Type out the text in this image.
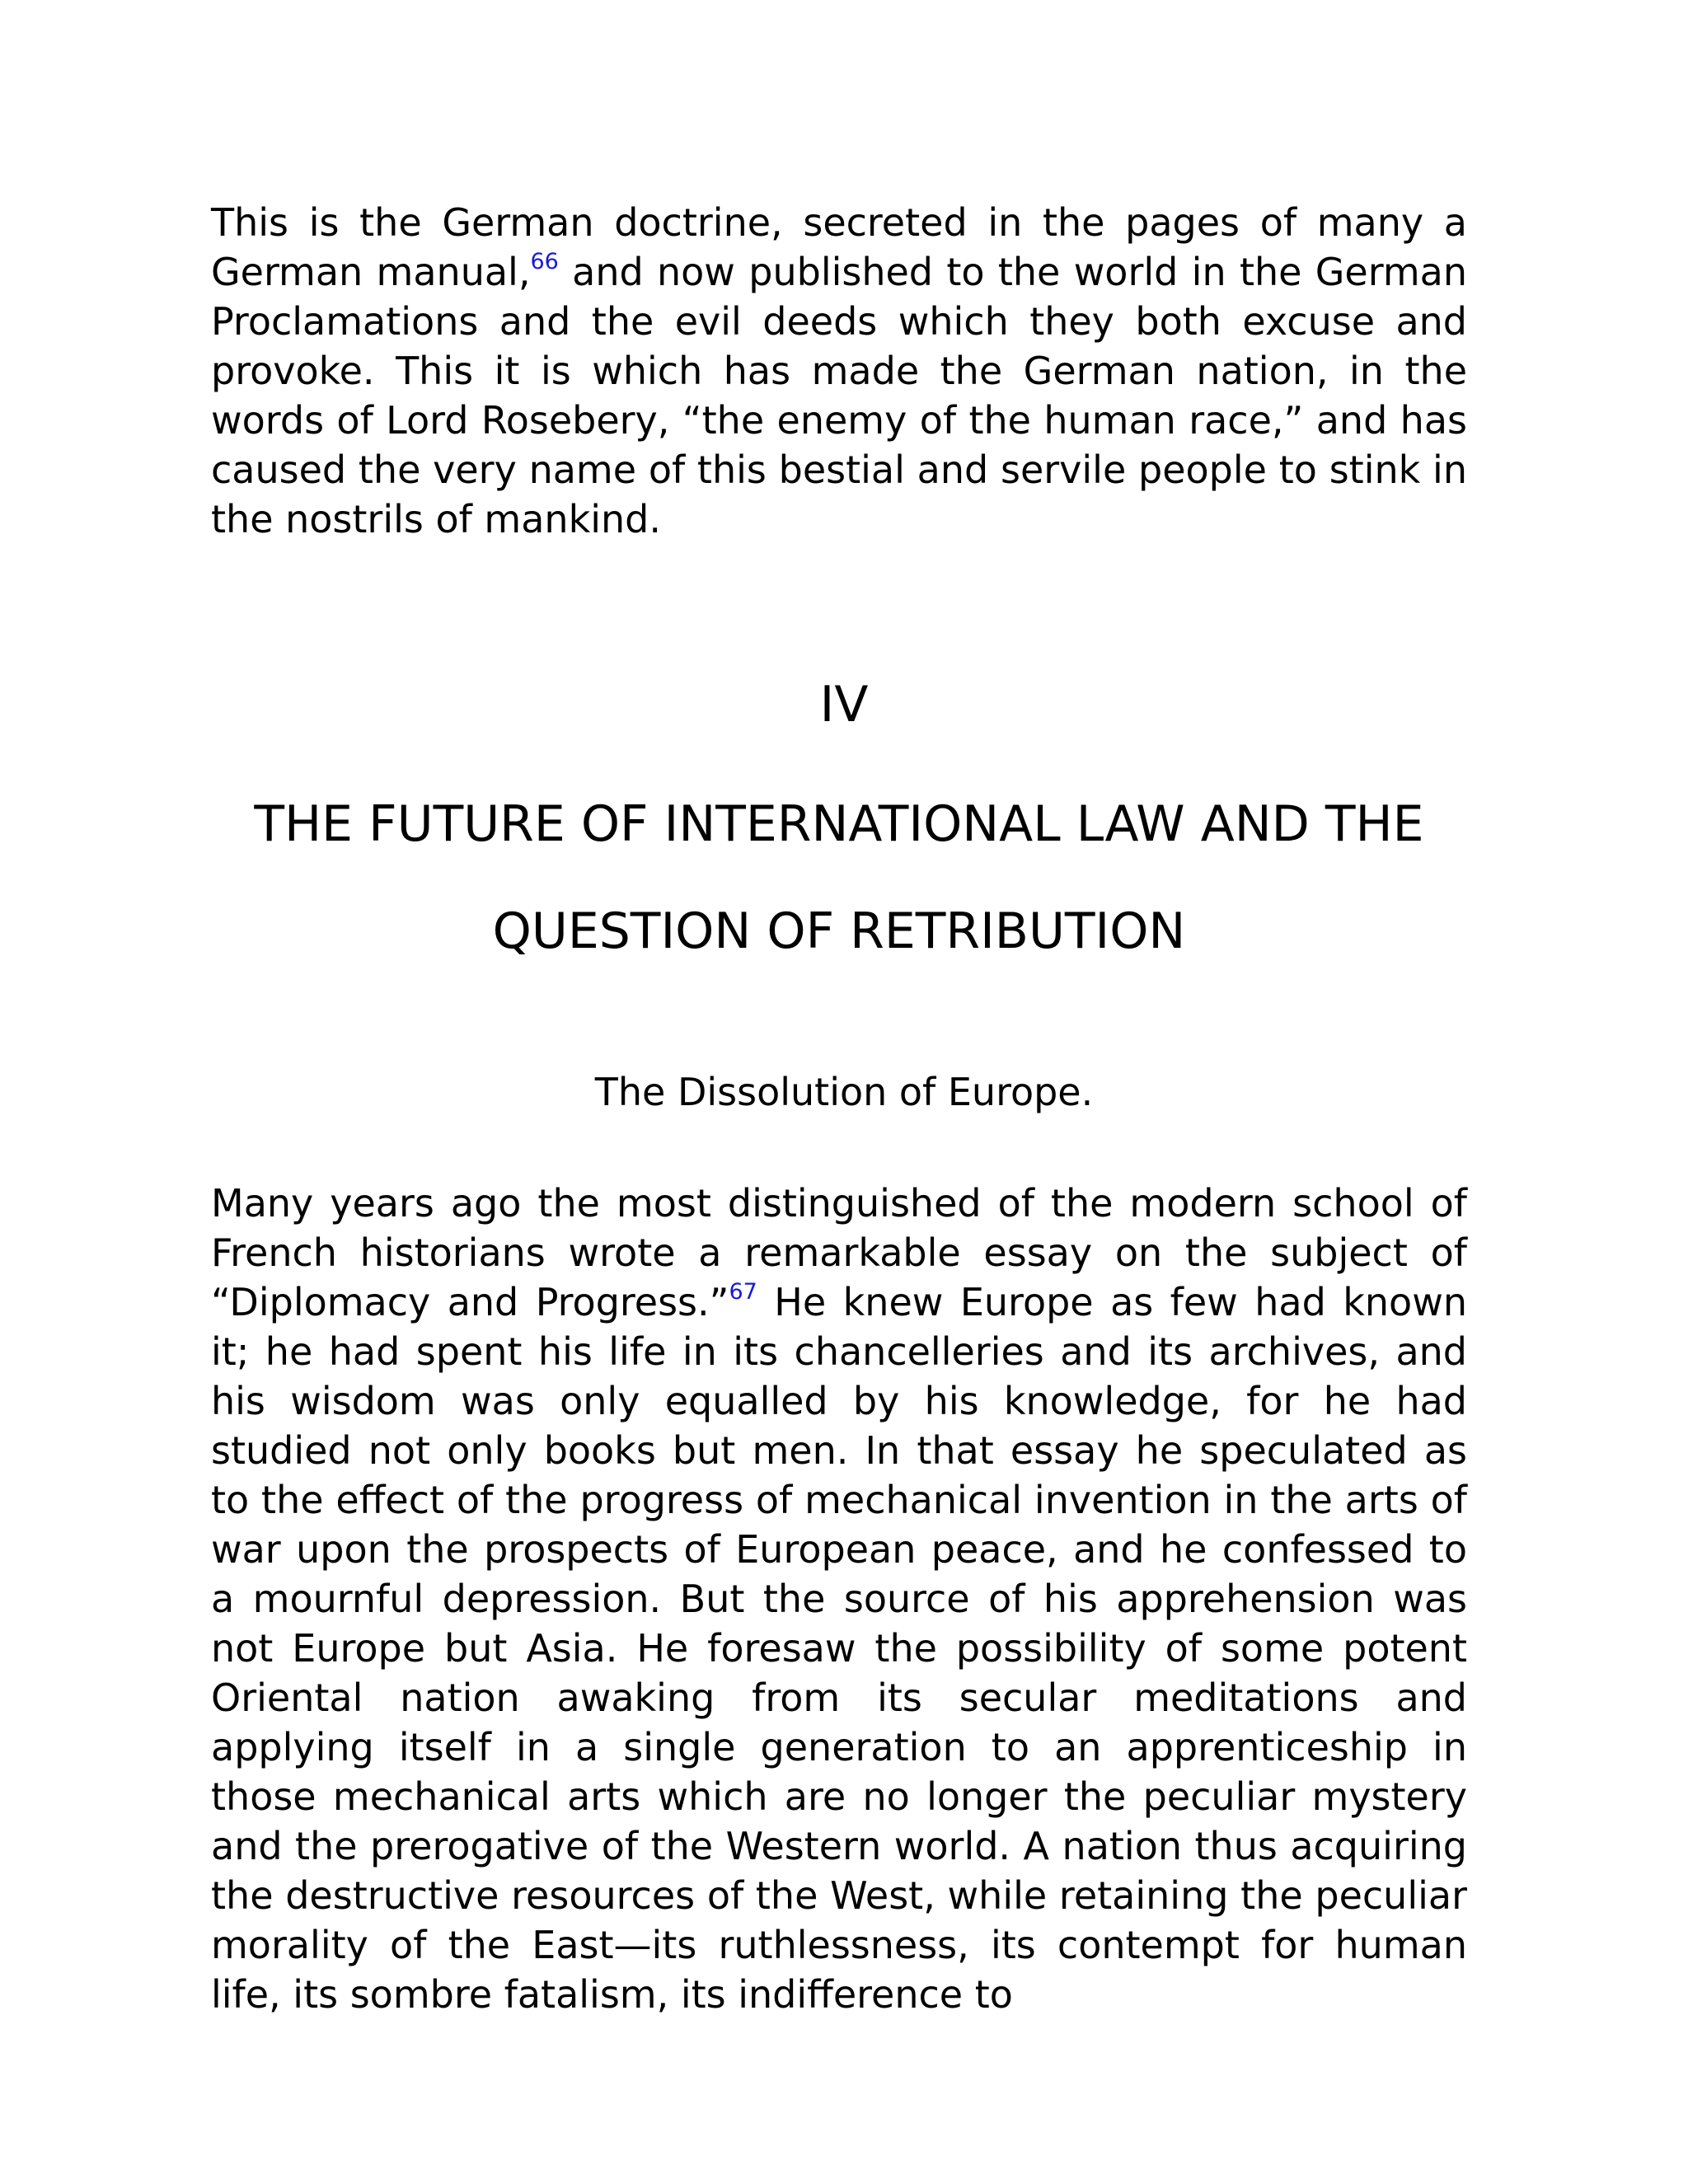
This is the German doctrine, secreted in the pages of many a German manual,$^{66}$ and now published to the world in the German Proclamations and the evil deeds which they both excuse and provoke. This it is which has made the German nation, in the words of Lord Rosebery, “the enemy of the human race,” and has caused the very name of this bestial and servile people to stink in the nostrils of mankind.

IV
THE FUTURE OF INTERNATIONAL LAW AND THE QUESTION OF RETRIBUTION
The Dissolution of Europe.

Many years ago the most distinguished of the modern school of French historians wrote a remarkable essay on the subject of “Diplomacy and Progress.”$^{67}$ He knew Europe as few had known it; he had spent his life in its chancelleries and its archives, and his wisdom was only equalled by his knowledge, for he had studied not only books but men. In that essay he speculated as to the effect of the progress of mechanical invention in the arts of war upon the prospects of European peace, and he confessed to a mournful depression. But the source of his apprehension was not Europe but Asia. He foresaw the possibility of some potent Oriental nation awaking from its secular meditations and applying itself in a single generation to an apprenticeship in those mechanical arts which are no longer the peculiar mystery and the prerogative of the Western world. A nation thus acquiring the destructive resources of the West, while retaining the peculiar morality of the East—its ruthlessness, its contempt for human life, its sombre fatalism, its indifference to
